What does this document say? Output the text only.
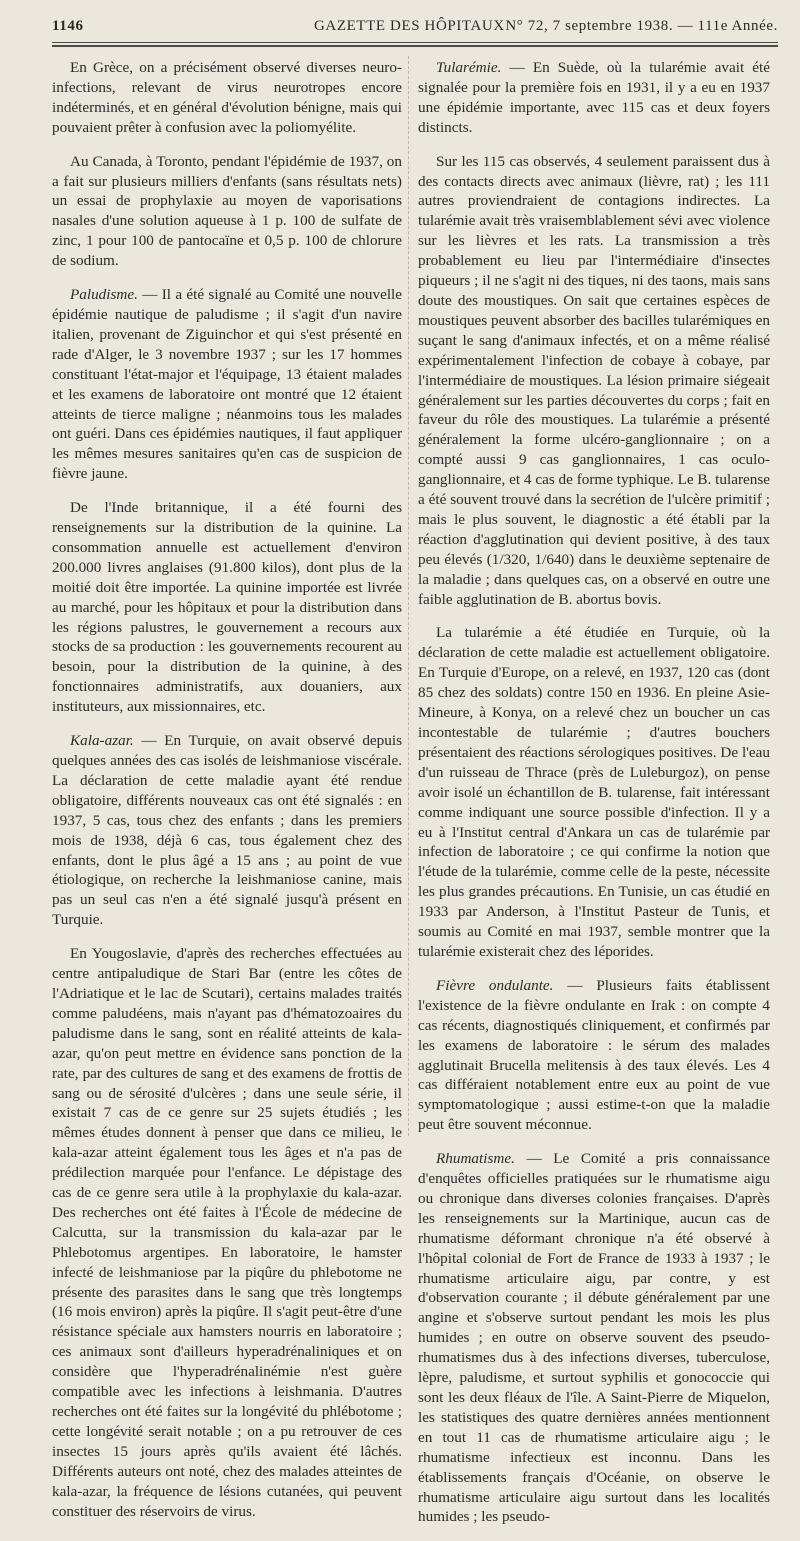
1146	GAZETTE DES HÔPITAUX N° 72, 7 septembre 1938. — 111e Année.

En Grèce, on a précisément observé diverses neuro-infections, relevant de virus neurotropes encore indéterminés, et en général d'évolution bénigne, mais qui pouvaient prêter à confusion avec la poliomyélite.

Au Canada, à Toronto, pendant l'épidémie de 1937, on a fait sur plusieurs milliers d'enfants (sans résultats nets) un essai de prophylaxie au moyen de vaporisations nasales d'une solution aqueuse à 1 p. 100 de sulfate de zinc, 1 pour 100 de pantocaïne et 0,5 p. 100 de chlorure de sodium.

Paludisme. — Il a été signalé au Comité une nouvelle épidémie nautique de paludisme ; il s'agit d'un navire italien, provenant de Ziguinchor et qui s'est présenté en rade d'Alger, le 3 novembre 1937 ; sur les 17 hommes constituant l'état-major et l'équipage, 13 étaient malades et les examens de laboratoire ont montré que 12 étaient atteints de tierce maligne ; néanmoins tous les malades ont guéri. Dans ces épidémies nautiques, il faut appliquer les mêmes mesures sanitaires qu'en cas de suspicion de fièvre jaune.

De l'Inde britannique, il a été fourni des renseignements sur la distribution de la quinine. La consommation annuelle est actuellement d'environ 200.000 livres anglaises (91.800 kilos), dont plus de la moitié doit être importée. La quinine importée est livrée au marché, pour les hôpitaux et pour la distribution dans les régions palustres, le gouvernement a recours aux stocks de sa production : les gouvernements recourent au besoin, pour la distribution de la quinine, à des fonctionnaires administratifs, aux douaniers, aux instituteurs, aux missionnaires, etc.

Kala-azar. — En Turquie, on avait observé depuis quelques années des cas isolés de leishmaniose viscérale. La déclaration de cette maladie ayant été rendue obligatoire, différents nouveaux cas ont été signalés : en 1937, 5 cas, tous chez des enfants ; dans les premiers mois de 1938, déjà 6 cas, tous également chez des enfants, dont le plus âgé a 15 ans ; au point de vue étiologique, on recherche la leishmaniose canine, mais pas un seul cas n'en a été signalé jusqu'à présent en Turquie.

En Yougoslavie, d'après des recherches effectuées au centre antipaludique de Stari Bar (entre les côtes de l'Adriatique et le lac de Scutari), certains malades traités comme paludéens, mais n'ayant pas d'hématozoaires du paludisme dans le sang, sont en réalité atteints de kala-azar, qu'on peut mettre en évidence sans ponction de la rate, par des cultures de sang et des examens de frottis de sang ou de sérosité d'ulcères ; dans une seule série, il existait 7 cas de ce genre sur 25 sujets étudiés ; les mêmes études donnent à penser que dans ce milieu, le kala-azar atteint également tous les âges et n'a pas de prédilection marquée pour l'enfance. Le dépistage des cas de ce genre sera utile à la prophylaxie du kala-azar. Des recherches ont été faites à l'École de médecine de Calcutta, sur la transmission du kala-azar par le Phlebotomus argentipes. En laboratoire, le hamster infecté de leishmaniose par la piqûre du phlebotome ne présente des parasites dans le sang que très longtemps (16 mois environ) après la piqûre. Il s'agit peut-être d'une résistance spéciale aux hamsters nourris en laboratoire ; ces animaux sont d'ailleurs hyperadrénaliniques et on considère que l'hyperadrénalinémie n'est guère compatible avec les infections à leishmania. D'autres recherches ont été faites sur la longévité du phlébotome ; cette longévité serait notable ; on a pu retrouver de ces insectes 15 jours après qu'ils avaient été lâchés. Différents auteurs ont noté, chez des malades atteintes de kala-azar, la fréquence de lésions cutanées, qui peuvent constituer des réservoirs de virus.

Tularémie. — En Suède, où la tularémie avait été signalée pour la première fois en 1931, il y a eu en 1937 une épidémie importante, avec 115 cas et deux foyers distincts.

Sur les 115 cas observés, 4 seulement paraissent dus à des contacts directs avec animaux (lièvre, rat) ; les 111 autres proviendraient de contagions indirectes. La tularémie avait très vraisemblablement sévi avec violence sur les lièvres et les rats. La transmission a très probablement eu lieu par l'intermédiaire d'insectes piqueurs ; il ne s'agit ni des tiques, ni des taons, mais sans doute des moustiques. On sait que certaines espèces de moustiques peuvent absorber des bacilles tularémiques en suçant le sang d'animaux infectés, et on a même réalisé expérimentalement l'infection de cobaye à cobaye, par l'intermédiaire de moustiques. La lésion primaire siégeait généralement sur les parties découvertes du corps ; fait en faveur du rôle des moustiques. La tularémie a présenté généralement la forme ulcéro-ganglionnaire ; on a compté aussi 9 cas ganglionnaires, 1 cas oculo-ganglionnaire, et 4 cas de forme typhique. Le B. tularense a été souvent trouvé dans la secrétion de l'ulcère primitif ; mais le plus souvent, le diagnostic a été établi par la réaction d'agglutination qui devient positive, à des taux peu élevés (1/320, 1/640) dans le deuxième septenaire de la maladie ; dans quelques cas, on a observé en outre une faible agglutination de B. abortus bovis.

La tularémie a été étudiée en Turquie, où la déclaration de cette maladie est actuellement obligatoire. En Turquie d'Europe, on a relevé, en 1937, 120 cas (dont 85 chez des soldats) contre 150 en 1936. En pleine Asie-Mineure, à Konya, on a relevé chez un boucher un cas incontestable de tularémie ; d'autres bouchers présentaient des réactions sérologiques positives. De l'eau d'un ruisseau de Thrace (près de Luleburgoz), on pense avoir isolé un échantillon de B. tularense, fait intéressant comme indiquant une source possible d'infection. Il y a eu à l'Institut central d'Ankara un cas de tularémie par infection de laboratoire ; ce qui confirme la notion que l'étude de la tularémie, comme celle de la peste, nécessite les plus grandes précautions. En Tunisie, un cas étudié en 1933 par Anderson, à l'Institut Pasteur de Tunis, et soumis au Comité en mai 1937, semble montrer que la tularémie existerait chez des léporides.

Fièvre ondulante. — Plusieurs faits établissent l'existence de la fièvre ondulante en Irak : on compte 4 cas récents, diagnostiqués cliniquement, et confirmés par les examens de laboratoire : le sérum des malades agglutinait Brucella melitensis à des taux élevés. Les 4 cas différaient notablement entre eux au point de vue symptomatologique ; aussi estime-t-on que la maladie peut être souvent méconnue.

Rhumatisme. — Le Comité a pris connaissance d'enquêtes officielles pratiquées sur le rhumatisme aigu ou chronique dans diverses colonies françaises. D'après les renseignements sur la Martinique, aucun cas de rhumatisme déformant chronique n'a été observé à l'hôpital colonial de Fort de France de 1933 à 1937 ; le rhumatisme articulaire aigu, par contre, y est d'observation courante ; il débute généralement par une angine et s'observe surtout pendant les mois les plus humides ; en outre on observe souvent des pseudo-rhumatismes dus à des infections diverses, tuberculose, lèpre, paludisme, et surtout syphilis et gonococcie qui sont les deux fléaux de l'île. A Saint-Pierre de Miquelon, les statistiques des quatre dernières années mentionnent en tout 11 cas de rhumatisme articulaire aigu ; le rhumatisme infectieux est inconnu. Dans les établissements français d'Océanie, on observe le rhumatisme articulaire aigu surtout dans les localités humides ; les pseudo-
